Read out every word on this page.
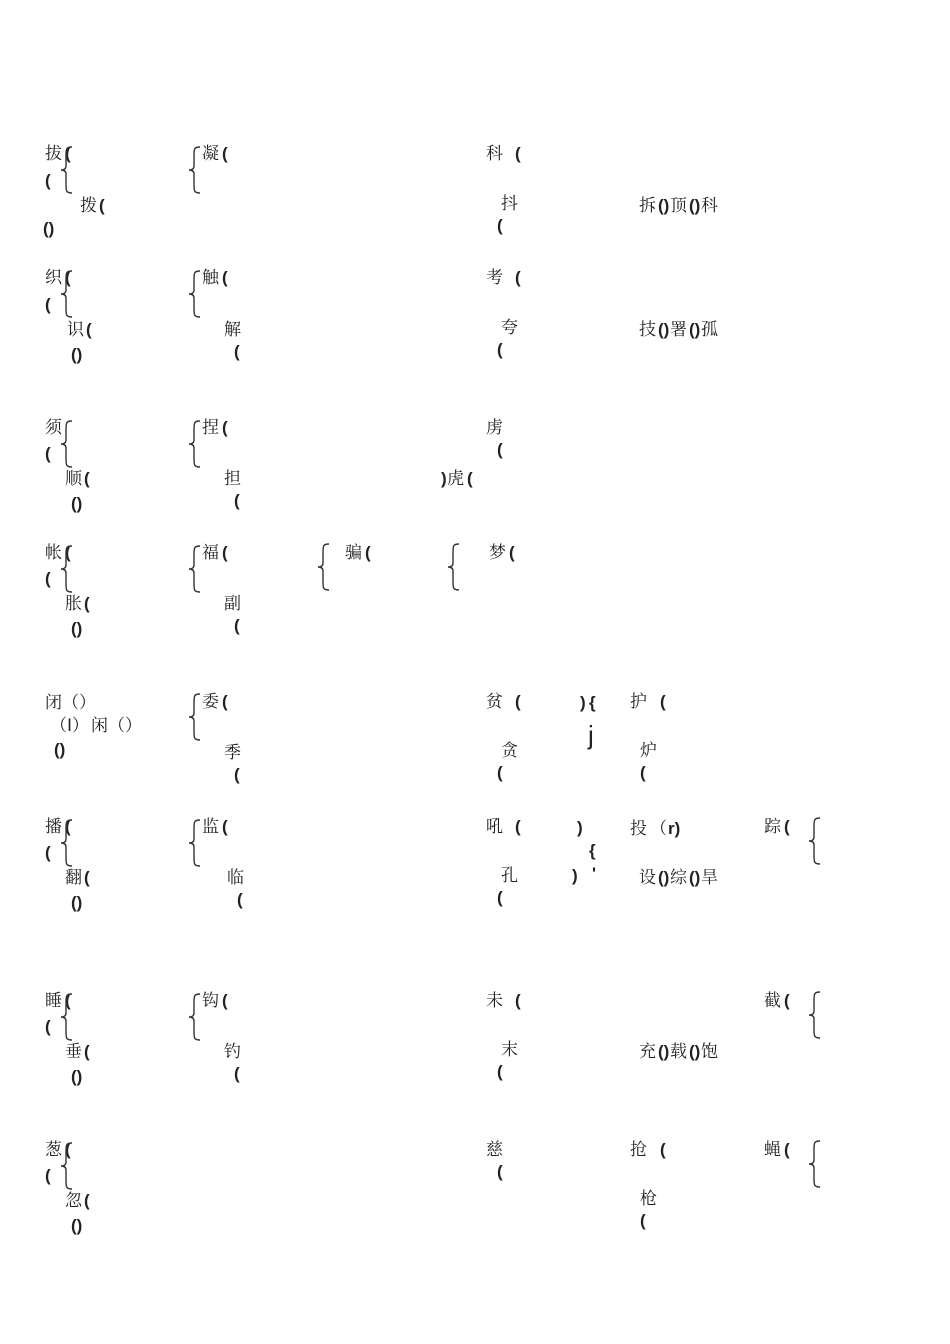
拔 (
(
拨 (
()
凝 (	科 (
抖
(
拆 () 顶 () 科
织 (
(
识 (
()
触 (
解
(
考 (
夸
(
技 () 署 () 孤
须
(
顺 (
()
捏 (
担
(
虏
(
) 虎 (
帐 (
(
胀 (
()
福 (
副
(
骗 (	梦 (
闭（）
（I） 闲（）
()
委 (
季
(
贫 (	) {
j
贪
(
护 (
炉
(
播 (
(
翻 (
()
监 (
临
(
吼 (	)
{
孔	) '
(
投 （ r)
设 () 综 () 旱
踪 (
睡 (
(
垂 (
()
钩 (
钓
(
未 (
末
(
充 () 载 () 饱
截 (
葱 (
(
忽 (
()
慈
(
抢 (
枪
(
蝇 (
